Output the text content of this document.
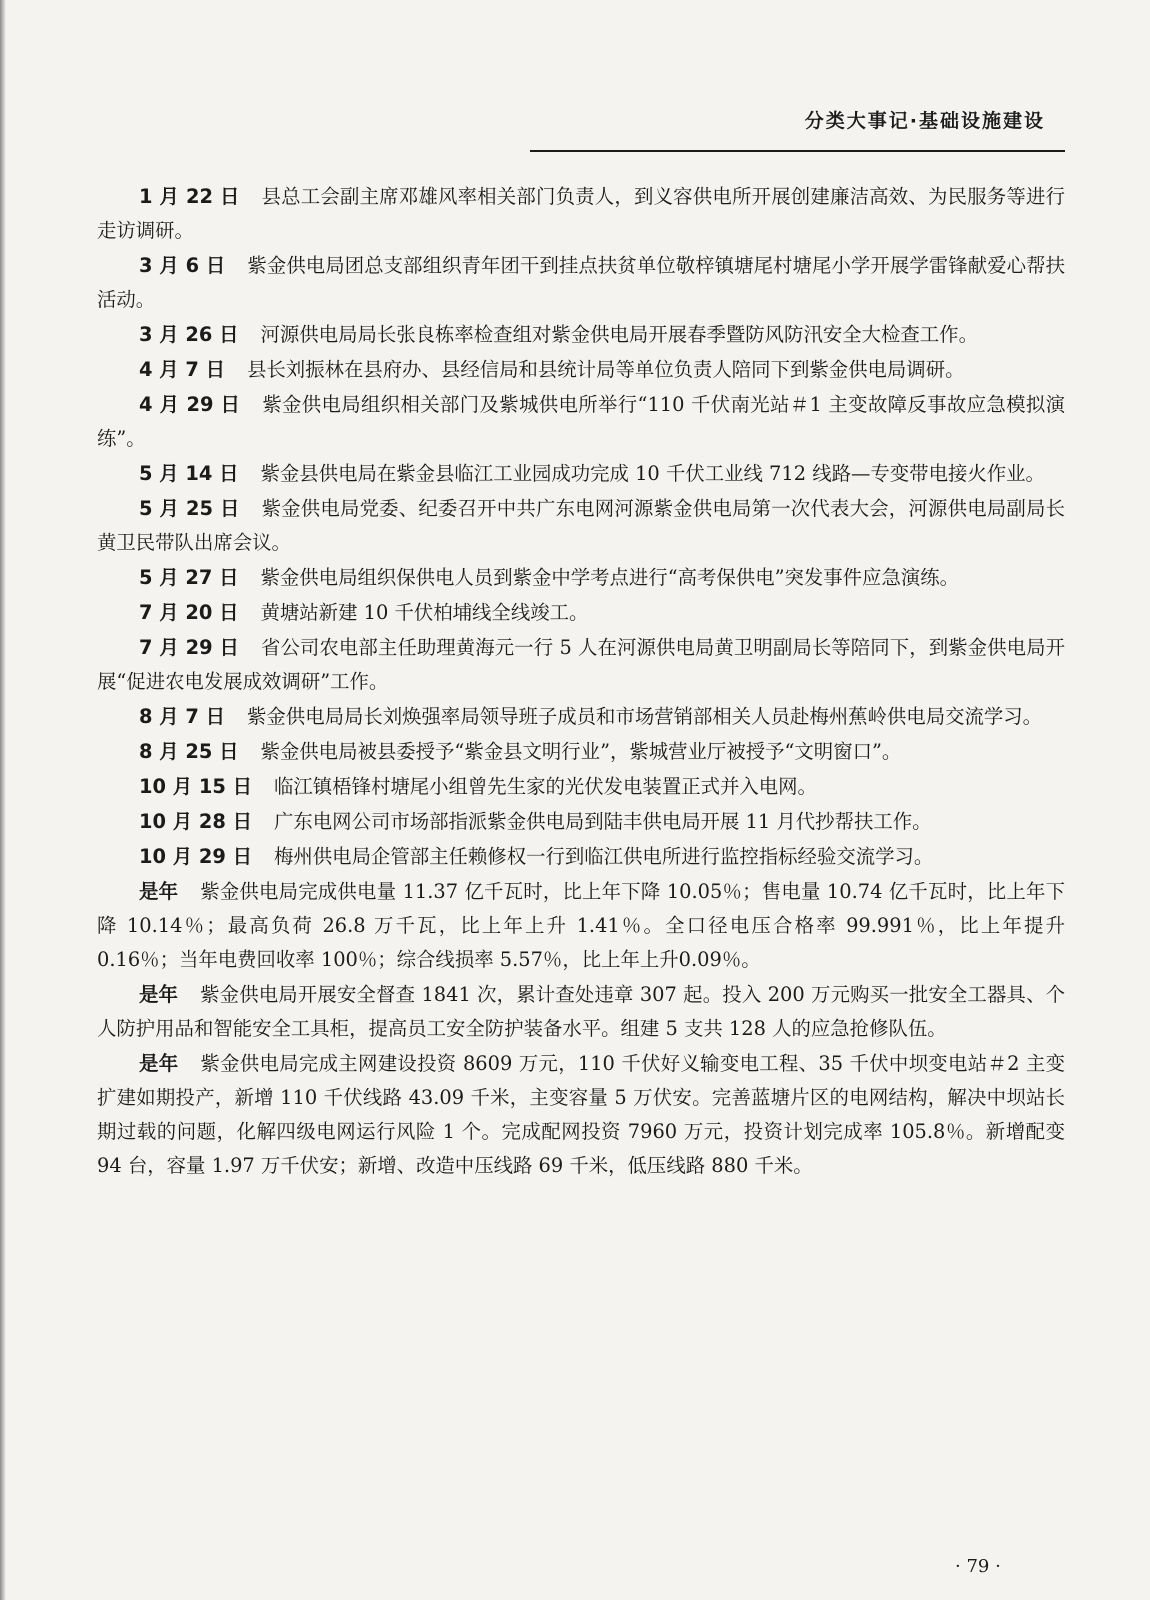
分类大事记·基础设施建设

1 月 22 日 县总工会副主席邓雄风率相关部门负责人，到义容供电所开展创建廉洁高效、为民服务等进行走访调研。

3 月 6 日 紫金供电局团总支部组织青年团干到挂点扶贫单位敬梓镇塘尾村塘尾小学开展学雷锋献爱心帮扶活动。

3 月 26 日 河源供电局局长张良栋率检查组对紫金供电局开展春季暨防风防汛安全大检查工作。

4 月 7 日 县长刘振林在县府办、县经信局和县统计局等单位负责人陪同下到紫金供电局调研。

4 月 29 日 紫金供电局组织相关部门及紫城供电所举行“110 千伏南光站＃1 主变故障反事故应急模拟演练”。

5 月 14 日 紫金县供电局在紫金县临江工业园成功完成 10 千伏工业线 712 线路—专变带电接火作业。

5 月 25 日 紫金供电局党委、纪委召开中共广东电网河源紫金供电局第一次代表大会，河源供电局副局长黄卫民带队出席会议。

5 月 27 日 紫金供电局组织保供电人员到紫金中学考点进行“高考保供电”突发事件应急演练。

7 月 20 日 黄塘站新建 10 千伏柏埔线全线竣工。

7 月 29 日 省公司农电部主任助理黄海元一行 5 人在河源供电局黄卫明副局长等陪同下，到紫金供电局开展“促进农电发展成效调研”工作。

8 月 7 日 紫金供电局局长刘焕强率局领导班子成员和市场营销部相关人员赴梅州蕉岭供电局交流学习。

8 月 25 日 紫金供电局被县委授予“紫金县文明行业”，紫城营业厅被授予“文明窗口”。

10 月 15 日 临江镇梧锋村塘尾小组曾先生家的光伏发电装置正式并入电网。

10 月 28 日 广东电网公司市场部指派紫金供电局到陆丰供电局开展 11 月代抄帮扶工作。

10 月 29 日 梅州供电局企管部主任赖修权一行到临江供电所进行监控指标经验交流学习。

是年 紫金供电局完成供电量 11.37 亿千瓦时，比上年下降 10.05％；售电量 10.74 亿千瓦时，比上年下降 10.14％；最高负荷 26.8 万千瓦，比上年上升 1.41％。全口径电压合格率 99.991％，比上年提升 0.16％；当年电费回收率 100％；综合线损率 5.57％，比上年上升0.09％。

是年 紫金供电局开展安全督查 1841 次，累计查处违章 307 起。投入 200 万元购买一批安全工器具、个人防护用品和智能安全工具柜，提高员工安全防护装备水平。组建 5 支共 128 人的应急抢修队伍。

是年 紫金供电局完成主网建设投资 8609 万元，110 千伏好义输变电工程、35 千伏中坝变电站＃2 主变扩建如期投产，新增 110 千伏线路 43.09 千米，主变容量 5 万伏安。完善蓝塘片区的电网结构，解决中坝站长期过载的问题，化解四级电网运行风险 1 个。完成配网投资 7960 万元，投资计划完成率 105.8％。新增配变 94 台，容量 1.97 万千伏安；新增、改造中压线路 69 千米，低压线路 880 千米。

· 79 ·
